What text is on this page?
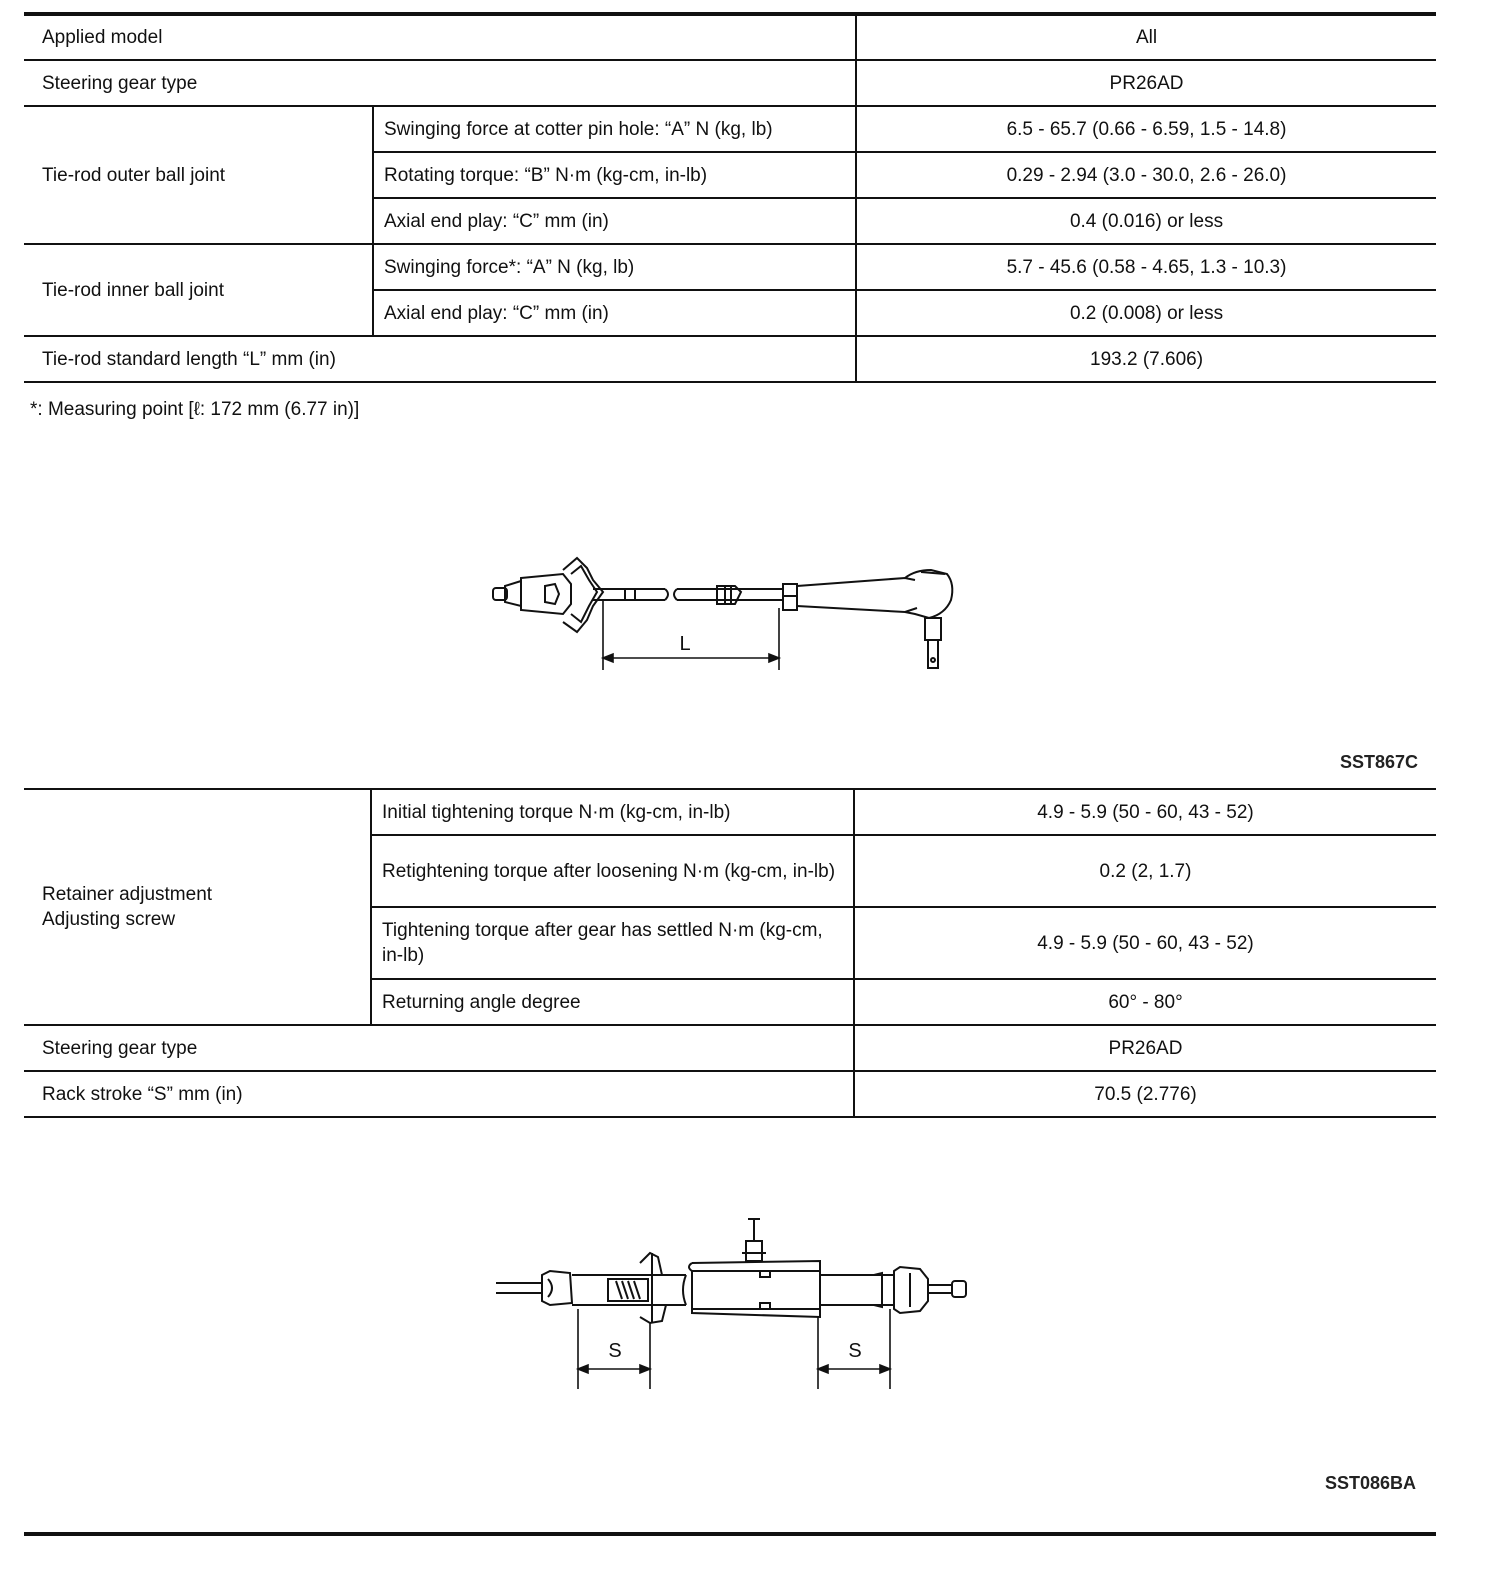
Applied model		All
Steering gear type		PR26AD
Tie-rod outer ball joint	Swinging force at cotter pin hole: “A” N (kg, lb)	6.5 - 65.7 (0.66 - 6.59, 1.5 - 14.8)
	Rotating torque: “B” N·m (kg-cm, in-lb)	0.29 - 2.94 (3.0 - 30.0, 2.6 - 26.0)
	Axial end play: “C” mm (in)	0.4 (0.016) or less
Tie-rod inner ball joint	Swinging force*: “A” N (kg, lb)	5.7 - 45.6 (0.58 - 4.65, 1.3 - 10.3)
	Axial end play: “C” mm (in)	0.2 (0.008) or less
Tie-rod standard length “L” mm (in)		193.2 (7.606)
*: Measuring point [ℓ: 172 mm (6.77 in)]
L
SST867C
Retainer adjustment
Adjusting screw	Initial tightening torque N·m (kg-cm, in-lb)	4.9 - 5.9 (50 - 60, 43 - 52)
	Retightening torque after loosening N·m (kg-cm, in-lb)	0.2 (2, 1.7)
	Tightening torque after gear has settled N·m (kg-cm, in-lb)	4.9 - 5.9 (50 - 60, 43 - 52)
	Returning angle degree	60° - 80°
Steering gear type		PR26AD
Rack stroke “S” mm (in)		70.5 (2.776)
S	S
SST086BA
